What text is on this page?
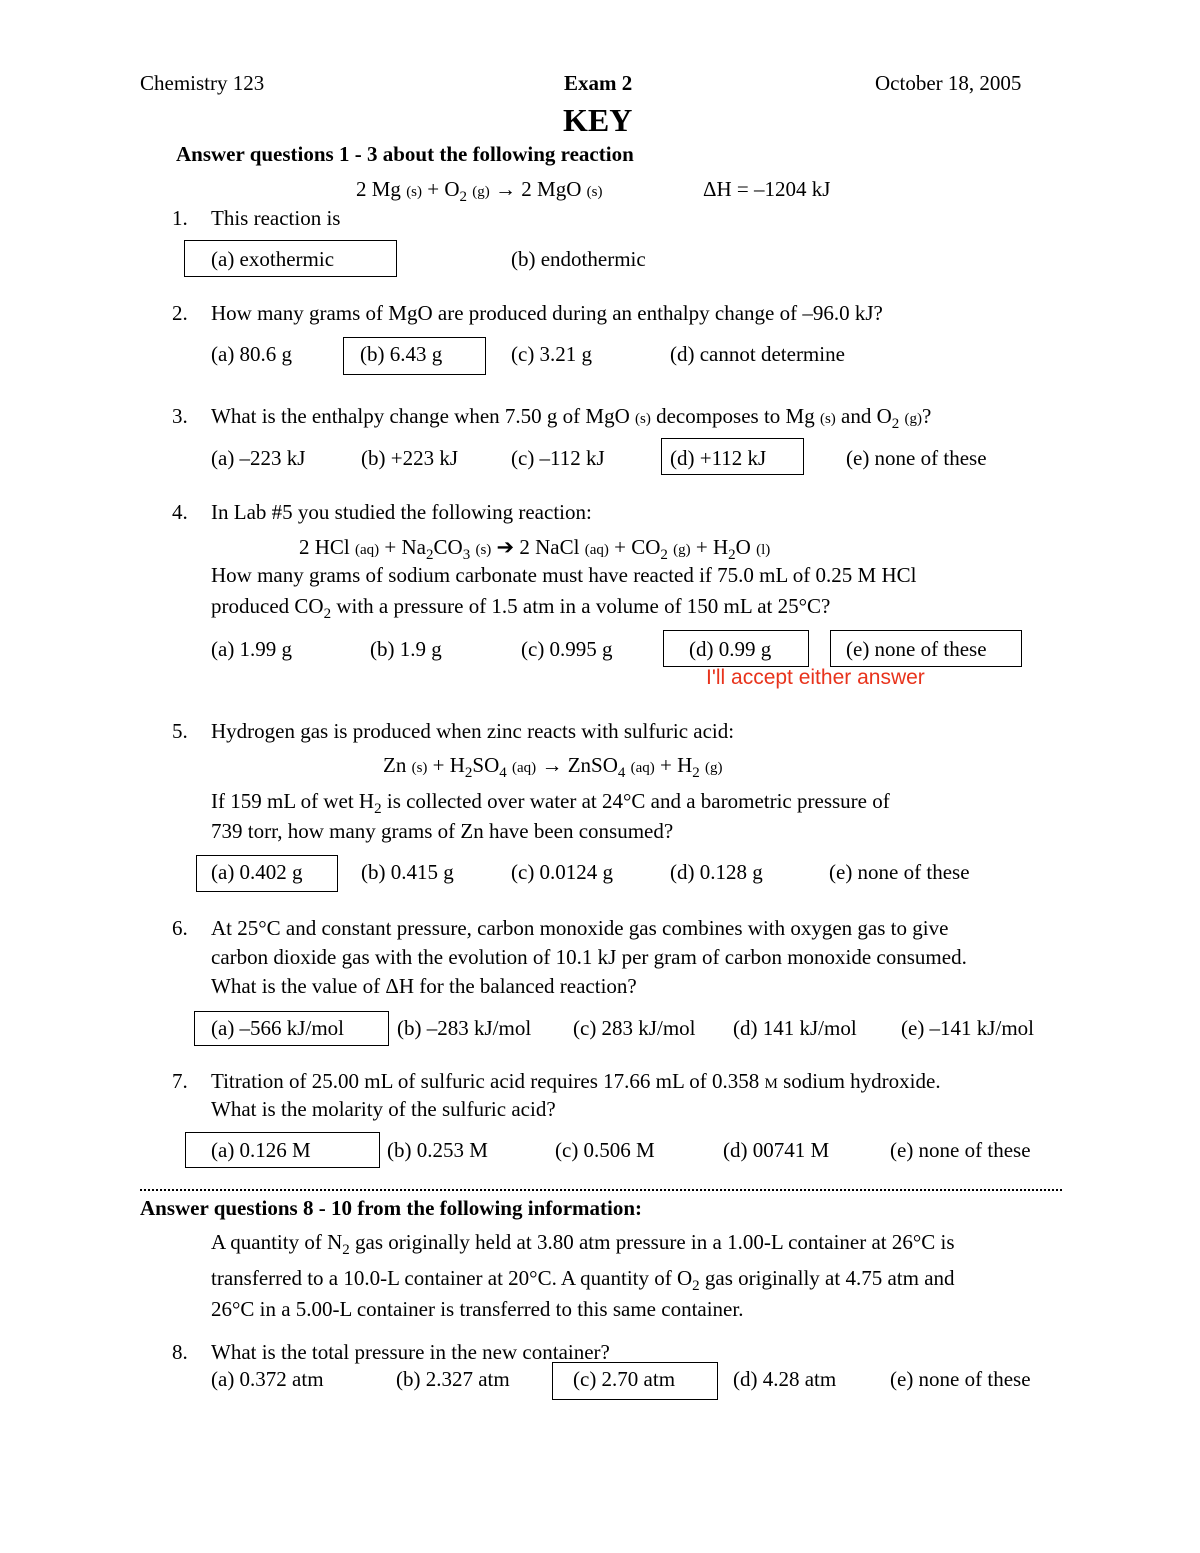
Chemistry 123	Exam 2	October 18, 2005
KEY
Answer questions 1 - 3 about the following reaction
2 Mg $(s) + O_2$ (g) → 2 MgO (s)	ΔH = –1204 kJ
1. This reaction is
(a) exothermic	(b) endothermic
2. How many grams of MgO are produced during an enthalpy change of –96.0 kJ?
(a) 80.6 g	(b) 6.43 g	(c) 3.21 g	(d) cannot determine
3. What is the enthalpy change when 7.50 g of MgO (s) decomposes to Mg (s) and $O_2$ (g)?
(a) –223 kJ	(b) +223 kJ	(c) –112 kJ	(d) +112 kJ	(e) none of these
4. In Lab #5 you studied the following reaction:
2 HCl $(aq) + Na_2CO_3$ (s) ➔ 2 NaCl $(aq) + CO_2$ $(g) + H_2O$ (l)
How many grams of sodium carbonate must have reacted if 75.0 mL of 0.25 M HCl
produced $CO_2$ with a pressure of 1.5 atm in a volume of 150 mL at 25°C?
(a) 1.99 g	(b) 1.9 g	(c) 0.995 g	(d) 0.99 g	(e) none of these
I'll accept either answer
5. Hydrogen gas is produced when zinc reacts with sulfuric acid:
Zn $(s) + H_2SO_4$ (aq) → ZnSO$_4$ $(aq) + H_2$ (g)
If 159 mL of wet $H_2$ is collected over water at 24°C and a barometric pressure of
739 torr, how many grams of Zn have been consumed?
(a) 0.402 g	(b) 0.415 g	(c) 0.0124 g	(d) 0.128 g	(e) none of these
6. At 25°C and constant pressure, carbon monoxide gas combines with oxygen gas to give
carbon dioxide gas with the evolution of 10.1 kJ per gram of carbon monoxide consumed.
What is the value of ΔH for the balanced reaction?
(a) –566 kJ/mol	(b) –283 kJ/mol (c) 283 kJ/mol (d) 141 kJ/mol (e) –141 kJ/mol
7. Titration of 25.00 mL of sulfuric acid requires 17.66 mL of 0.358 M sodium hydroxide.
What is the molarity of the sulfuric acid?
(a) 0.126 M	(b) 0.253 M	(c) 0.506 M	(d) 00741 M	(e) none of these
Answer questions 8 - 10 from the following information:
A quantity of $N_2$ gas originally held at 3.80 atm pressure in a 1.00-L container at 26°C is
transferred to a 10.0-L container at 20°C. A quantity of $O_2$ gas originally at 4.75 atm and
26°C in a 5.00-L container is transferred to this same container.
8. What is the total pressure in the new container?
(a) 0.372 atm	(b) 2.327 atm	(c) 2.70 atm	(d) 4.28 atm	(e) none of these
